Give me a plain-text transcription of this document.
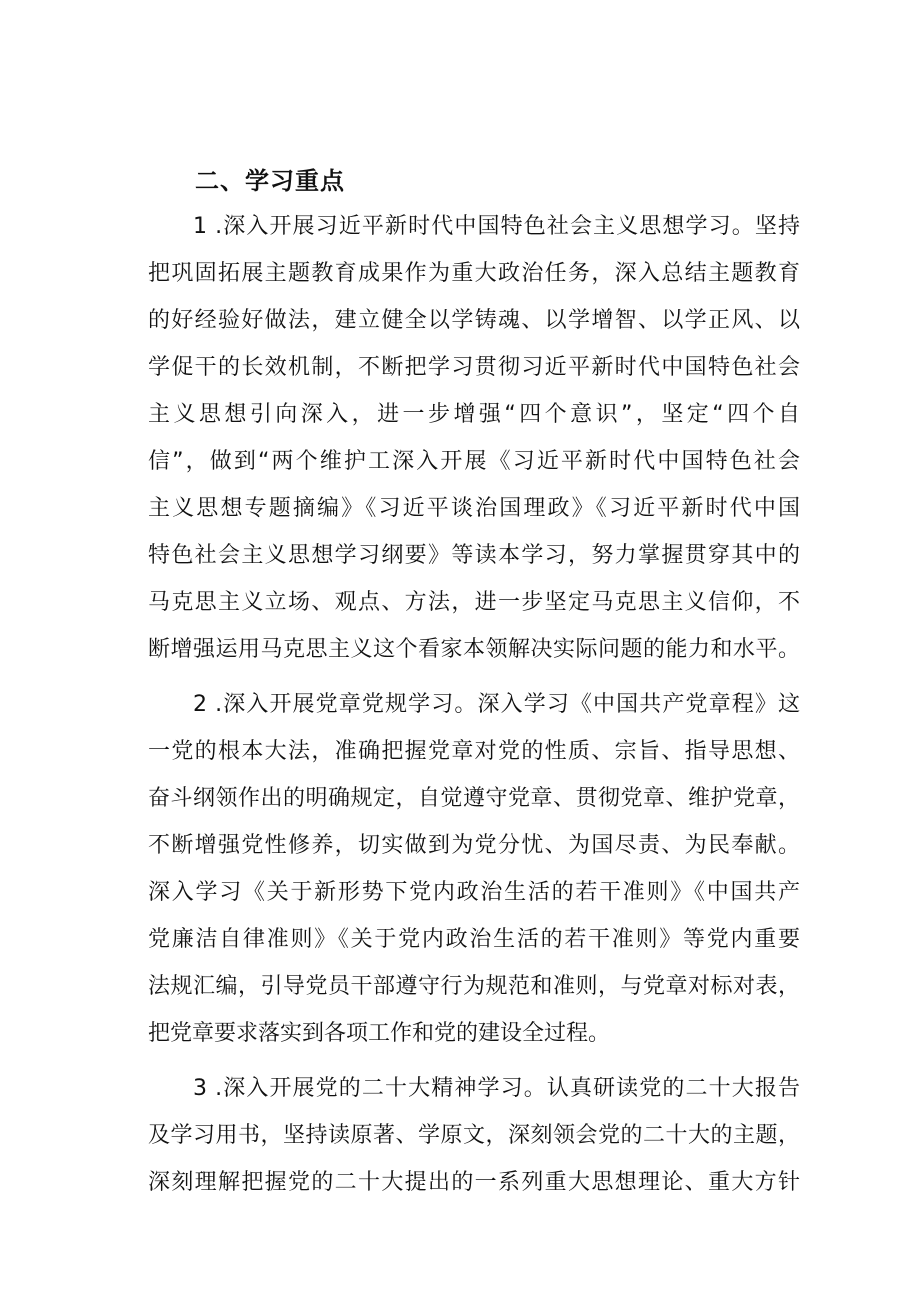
二、学习重点
1 .深入开展习近平新时代中国特色社会主义思想学习。坚持
把巩固拓展主题教育成果作为重大政治任务，深入总结主题教育
的好经验好做法，建立健全以学铸魂、以学增智、以学正风、以
学促干的长效机制，不断把学习贯彻习近平新时代中国特色社会
主义思想引向深入，进一步增强“四个意识”，坚定“四个自
信”，做到“两个维护工深入开展《习近平新时代中国特色社会
主义思想专题摘编》《习近平谈治国理政》《习近平新时代中国
特色社会主义思想学习纲要》等读本学习，努力掌握贯穿其中的
马克思主义立场、观点、方法，进一步坚定马克思主义信仰，不
断增强运用马克思主义这个看家本领解决实际问题的能力和水平。
2 .深入开展党章党规学习。深入学习《中国共产党章程》这
一党的根本大法，准确把握党章对党的性质、宗旨、指导思想、
奋斗纲领作出的明确规定，自觉遵守党章、贯彻党章、维护党章，
不断增强党性修养，切实做到为党分忧、为国尽责、为民奉献。
深入学习《关于新形势下党内政治生活的若干准则》《中国共产
党廉洁自律准则》《关于党内政治生活的若干准则》等党内重要
法规汇编，引导党员干部遵守行为规范和准则，与党章对标对表，
把党章要求落实到各项工作和党的建设全过程。
3 .深入开展党的二十大精神学习。认真研读党的二十大报告
及学习用书，坚持读原著、学原文，深刻领会党的二十大的主题，
深刻理解把握党的二十大提出的一系列重大思想理论、重大方针
